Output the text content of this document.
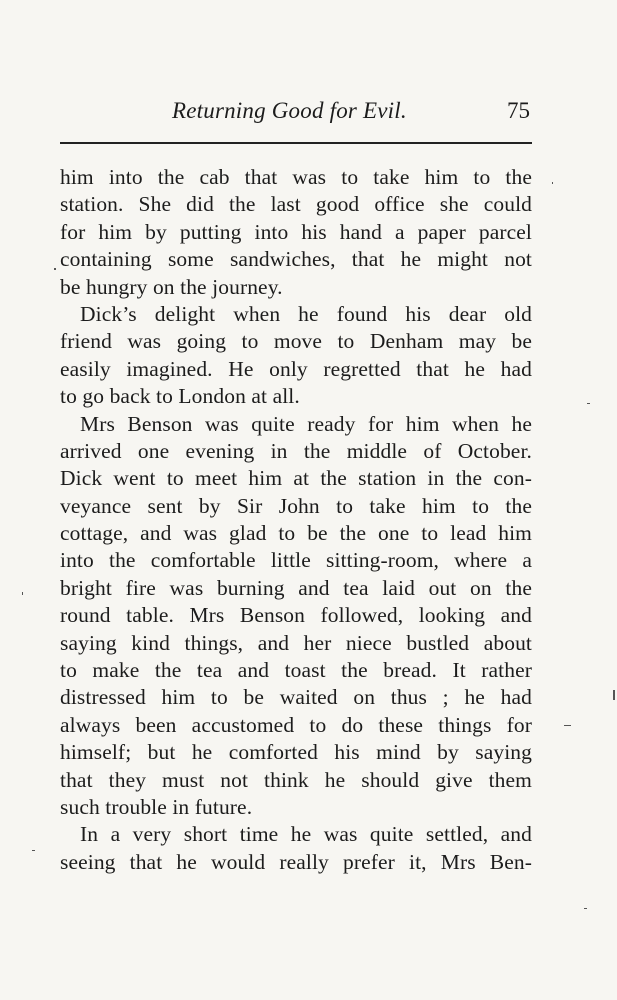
Returning Good for Evil.	75
him into the cab that was to take him to the
station. She did the last good office she could
for him by putting into his hand a paper parcel
containing some sandwiches, that he might not
be hungry on the journey.
Dick’s delight when he found his dear old
friend was going to move to Denham may be
easily imagined. He only regretted that he had
to go back to London at all.
Mrs Benson was quite ready for him when he
arrived one evening in the middle of October.
Dick went to meet him at the station in the con-
veyance sent by Sir John to take him to the
cottage, and was glad to be the one to lead him
into the comfortable little sitting-room, where a
bright fire was burning and tea laid out on the
round table. Mrs Benson followed, looking and
saying kind things, and her niece bustled about
to make the tea and toast the bread. It rather
distressed him to be waited on thus ; he had
always been accustomed to do these things for
himself; but he comforted his mind by saying
that they must not think he should give them
such trouble in future.
In a very short time he was quite settled, and
seeing that he would really prefer it, Mrs Ben-
